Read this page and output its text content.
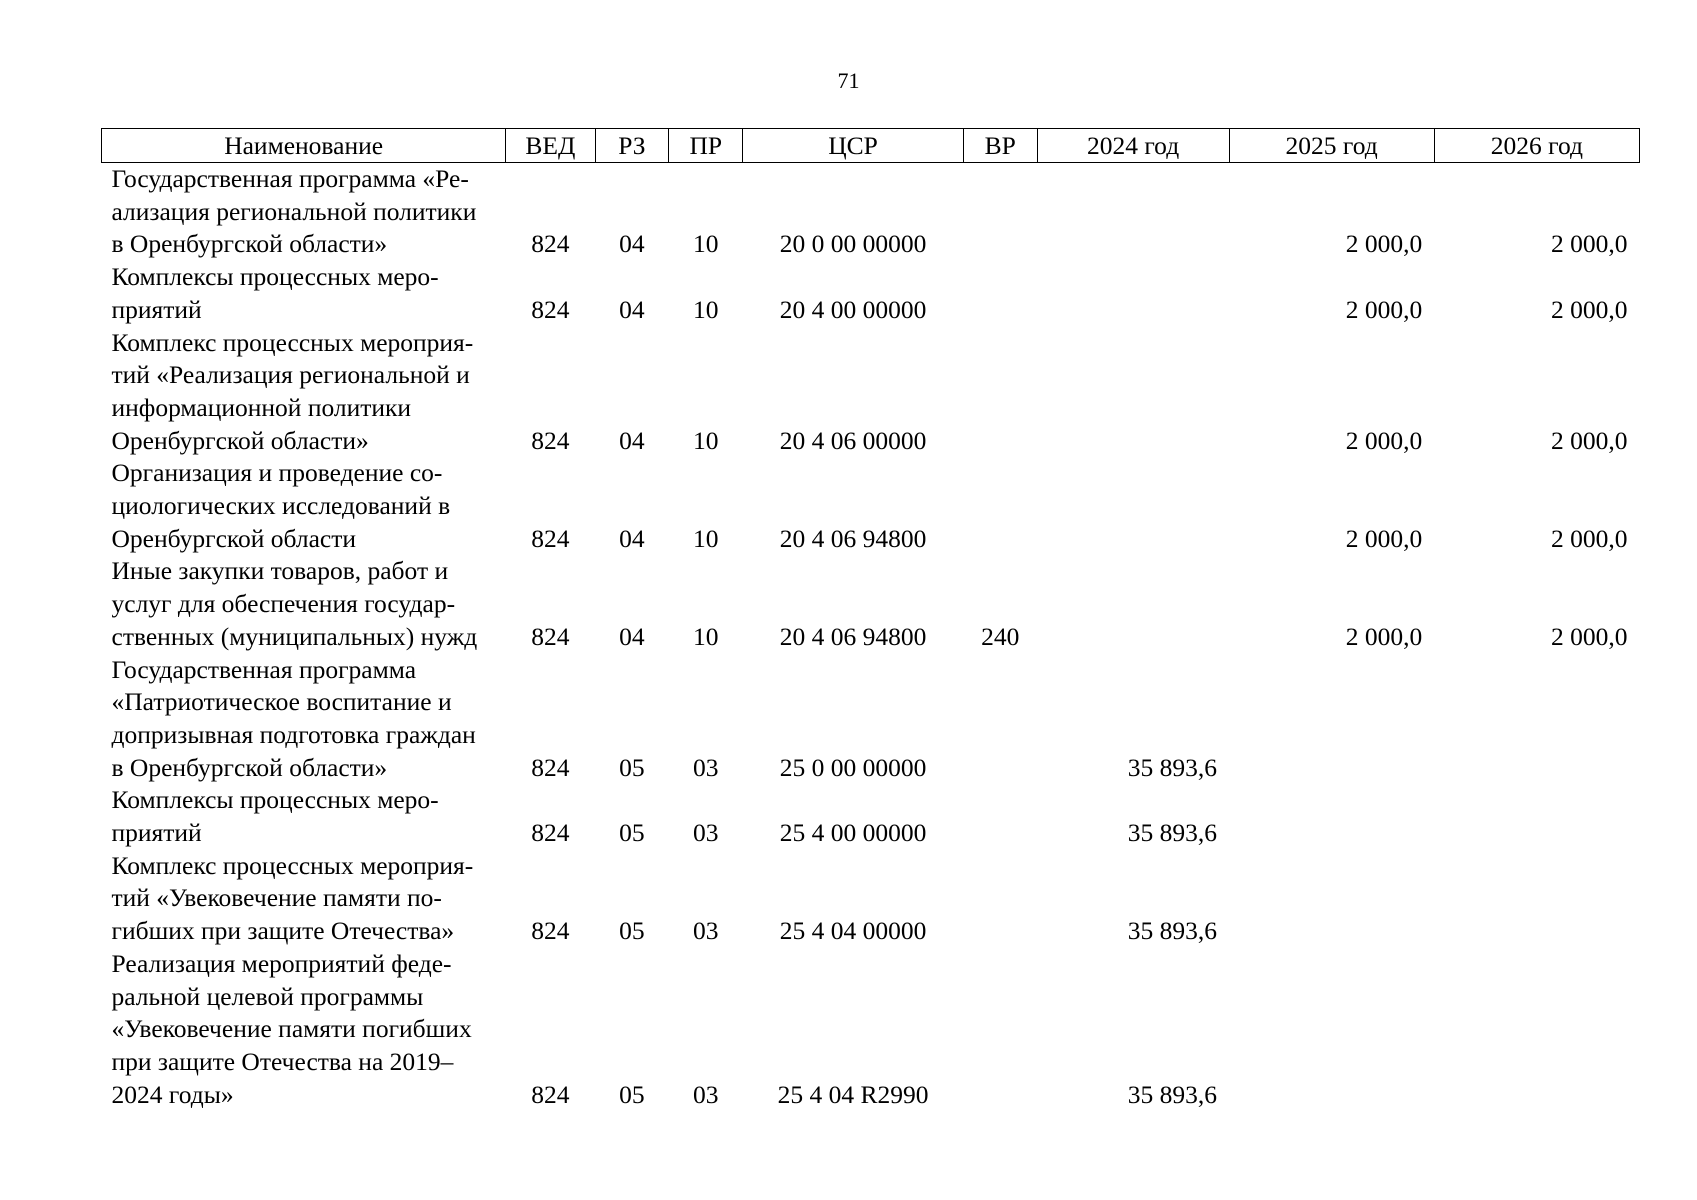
71
Наименование	ВЕД	РЗ	ПР	ЦСР	ВР	2024 год	2025 год	2026 год
Государственная программа «Ре-
ализация региональной политики
в Оренбургской области»	824	04	10	20 0 00 00000			2 000,0	2 000,0
Комплексы процессных меро-
приятий	824	04	10	20 4 00 00000			2 000,0	2 000,0
Комплекс процессных мероприя-
тий «Реализация региональной и
информационной политики
Оренбургской области»	824	04	10	20 4 06 00000			2 000,0	2 000,0
Организация и проведение со-
циологических исследований в
Оренбургской области	824	04	10	20 4 06 94800			2 000,0	2 000,0
Иные закупки товаров, работ и
услуг для обеспечения государ-
ственных (муниципальных) нужд	824	04	10	20 4 06 94800	240		2 000,0	2 000,0
Государственная программа
«Патриотическое воспитание и
допризывная подготовка граждан
в Оренбургской области»	824	05	03	25 0 00 00000		35 893,6		
Комплексы процессных меро-
приятий	824	05	03	25 4 00 00000		35 893,6		
Комплекс процессных мероприя-
тий «Увековечение памяти по-
гибших при защите Отечества»	824	05	03	25 4 04 00000		35 893,6		
Реализация мероприятий феде-
ральной целевой программы
«Увековечение памяти погибших
при защите Отечества на 2019–
2024 годы»	824	05	03	25 4 04 R2990		35 893,6		
